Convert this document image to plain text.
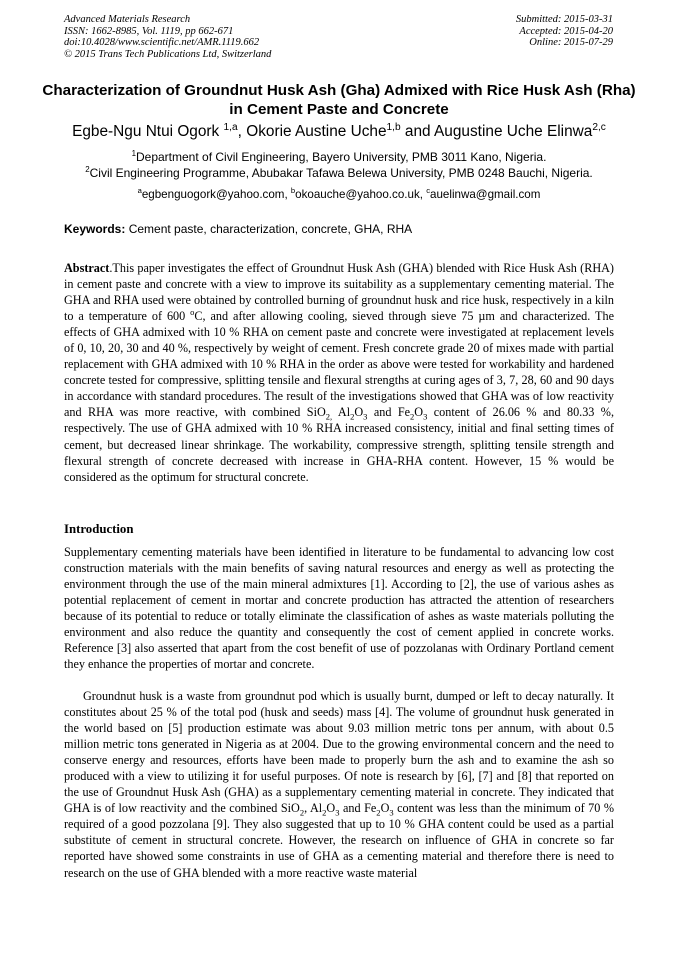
Advanced Materials Research
ISSN: 1662-8985, Vol. 1119, pp 662-671
doi:10.4028/www.scientific.net/AMR.1119.662
© 2015 Trans Tech Publications Ltd, Switzerland
Submitted: 2015-03-31
Accepted: 2015-04-20
Online: 2015-07-29
Characterization of Groundnut Husk Ash (Gha) Admixed with Rice Husk Ash (Rha) in Cement Paste and Concrete
Egbe-Ngu Ntui Ogork $^{1,a}$, Okorie Austine Uche$^{1,b}$ and Augustine Uche Elinwa$^{2,c}$
$^1$Department of Civil Engineering, Bayero University, PMB 3011 Kano, Nigeria.
$^2$Civil Engineering Programme, Abubakar Tafawa Belewa University, PMB 0248 Bauchi, Nigeria.
$^a$egbenguogork@yahoo.com, $^b$okoauche@yahoo.co.uk, $^c$auelinwa@gmail.com
Keywords: Cement paste, characterization, concrete, GHA, RHA

Abstract.This paper investigates the effect of Groundnut Husk Ash (GHA) blended with Rice Husk Ash (RHA) in cement paste and concrete with a view to improve its suitability as a supplementary cementing material. The GHA and RHA used were obtained by controlled burning of groundnut husk and rice husk, respectively in a kiln to a temperature of 600 $^o$C, and after allowing cooling, sieved through sieve 75 µm and characterized. The effects of GHA admixed with 10 % RHA on cement paste and concrete were investigated at replacement levels of 0, 10, 20, 30 and 40 %, respectively by weight of cement. Fresh concrete grade 20 of mixes made with partial replacement with GHA admixed with 10 % RHA in the order as above were tested for workability and hardened concrete tested for compressive, splitting tensile and flexural strengths at curing ages of 3, 7, 28, 60 and 90 days in accordance with standard procedures. The result of the investigations showed that GHA was of low reactivity and RHA was more reactive, with combined SiO$_{2,}$ $Al_2O_3$ and $Fe_2O_3$ content of 26.06 % and 80.33 %, respectively. The use of GHA admixed with 10 % RHA increased consistency, initial and final setting times of cement, but decreased linear shrinkage. The workability, compressive strength, splitting tensile strength and flexural strength of concrete decreased with increase in GHA-RHA content. However, 15 % would be considered as the optimum for structural concrete.

Introduction

Supplementary cementing materials have been identified in literature to be fundamental to advancing low cost construction materials with the main benefits of saving natural resources and energy as well as protecting the environment through the use of the main mineral admixtures [1]. According to [2], the use of various ashes as potential replacement of cement in mortar and concrete production has attracted the attention of researchers because of its potential to reduce or totally eliminate the classification of ashes as waste materials polluting the environment and also reduce the quantity and consequently the cost of cement applied in concrete works. Reference [3] also asserted that apart from the cost benefit of use of pozzolanas with Ordinary Portland cement they enhance the properties of mortar and concrete.

Groundnut husk is a waste from groundnut pod which is usually burnt, dumped or left to decay naturally. It constitutes about 25 % of the total pod (husk and seeds) mass [4]. The volume of groundnut husk generated in the world based on [5] production estimate was about 9.03 million metric tons per annum, with about 0.5 million metric tons generated in Nigeria as at 2004. Due to the growing environmental concern and the need to conserve energy and resources, efforts have been made to properly burn the ash and to examine the ash so produced with a view to utilizing it for useful purposes. Of note is research by [6], [7] and [8] that reported on the use of Groundnut Husk Ash (GHA) as a supplementary cementing material in concrete. They indicated that GHA is of low reactivity and the combined SiO$_2$, $Al_2O_3$ and $Fe_2O_3$ content was less than the minimum of 70 % required of a good pozzolana [9]. They also suggested that up to 10 % GHA content could be used as a partial substitute of cement in structural concrete. However, the research on influence of GHA in concrete so far reported have showed some constraints in use of GHA as a cementing material and therefore there is need to research on the use of GHA blended with a more reactive waste material
